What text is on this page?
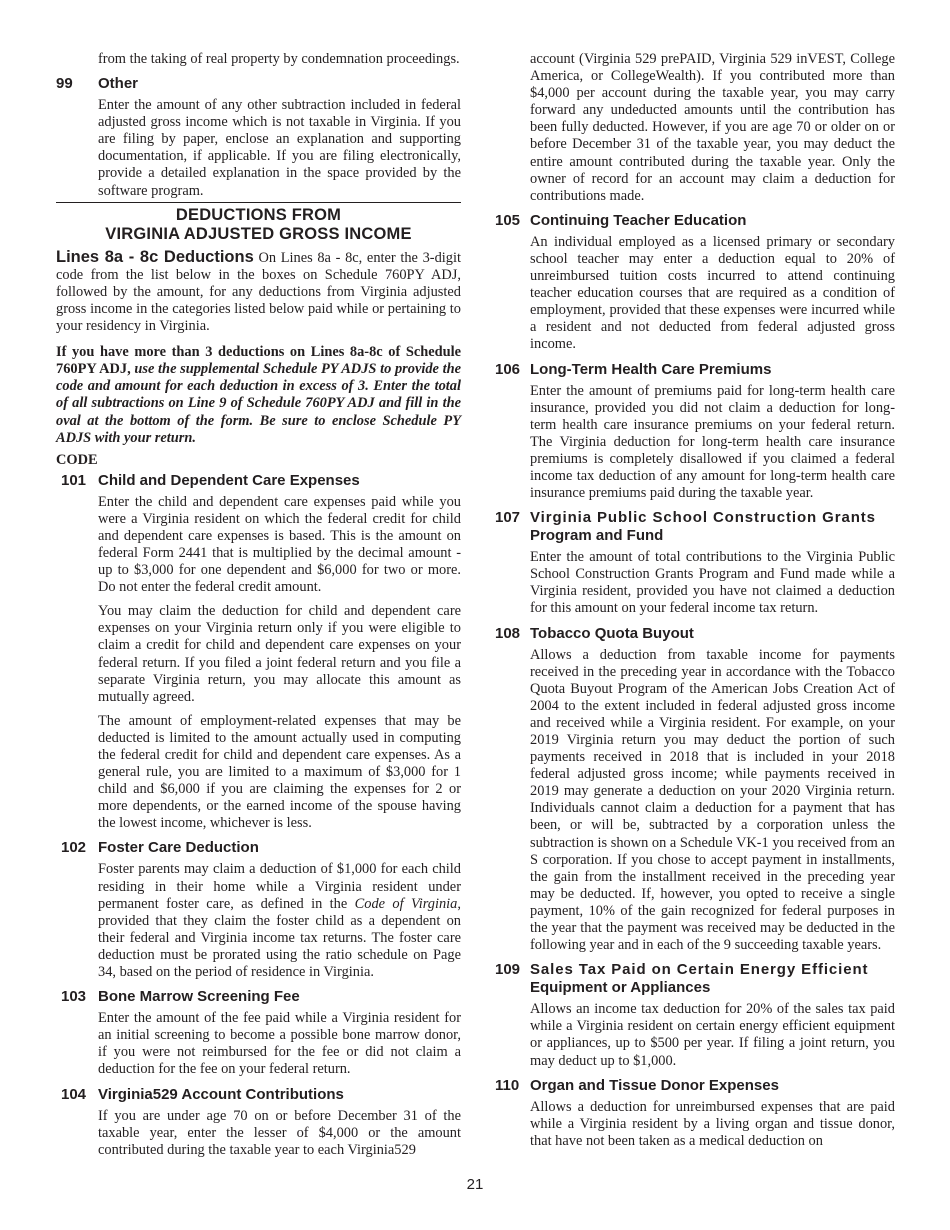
from the taking of real property by condemnation proceedings.

99	Other

Enter the amount of any other subtraction included in federal adjusted gross income which is not taxable in Virginia. If you are filing by paper, enclose an explanation and supporting documentation, if applicable. If you are filing electronically, provide a detailed explanation in the space provided by the software program.

DEDUCTIONS FROM
VIRGINIA ADJUSTED GROSS INCOME

Lines 8a - 8c Deductions On Lines 8a - 8c, enter the 3-digit code from the list below in the boxes on Schedule 760PY ADJ, followed by the amount, for any deductions from Virginia adjusted gross income in the categories listed below paid while or pertaining to your residency in Virginia.

If you have more than 3 deductions on Lines 8a-8c of Schedule 760PY ADJ, use the supplemental Schedule PY ADJS to provide the code and amount for each deduction in excess of 3. Enter the total of all subtractions on Line 9 of Schedule 760PY ADJ and fill in the oval at the bottom of the form. Be sure to enclose Schedule PY ADJS with your return.

CODE
101 Child and Dependent Care Expenses

Enter the child and dependent care expenses paid while you were a Virginia resident on which the federal credit for child and dependent care expenses is based. This is the amount on federal Form 2441 that is multiplied by the decimal amount - up to $3,000 for one dependent and $6,000 for two or more. Do not enter the federal credit amount.

You may claim the deduction for child and dependent care expenses on your Virginia return only if you were eligible to claim a credit for child and dependent care expenses on your federal return. If you filed a joint federal return and you file a separate Virginia return, you may allocate this amount as mutually agreed.

The amount of employment-related expenses that may be deducted is limited to the amount actually used in computing the federal credit for child and dependent care expenses. As a general rule, you are limited to a maximum of $3,000 for 1 child and $6,000 if you are claiming the expenses for 2 or more dependents, or the earned income of the spouse having the lowest income, whichever is less.

102 Foster Care Deduction

Foster parents may claim a deduction of $1,000 for each child residing in their home while a Virginia resident under permanent foster care, as defined in the Code of Virginia, provided that they claim the foster child as a dependent on their federal and Virginia income tax returns. The foster care deduction must be prorated using the ratio schedule on Page 34, based on the period of residence in Virginia.

103 Bone Marrow Screening Fee

Enter the amount of the fee paid while a Virginia resident for an initial screening to become a possible bone marrow donor, if you were not reimbursed for the fee or did not claim a deduction for the fee on your federal return.

104 Virginia529 Account Contributions

If you are under age 70 on or before December 31 of the taxable year, enter the lesser of $4,000 or the amount contributed during the taxable year to each Virginia529

account (Virginia 529 prePAID, Virginia 529 inVEST, College America, or CollegeWealth). If you contributed more than $4,000 per account during the taxable year, you may carry forward any undeducted amounts until the contribution has been fully deducted. However, if you are age 70 or older on or before December 31 of the taxable year, you may deduct the entire amount contributed during the taxable year. Only the owner of record for an account may claim a deduction for contributions made.

105 Continuing Teacher Education

An individual employed as a licensed primary or secondary school teacher may enter a deduction equal to 20% of unreimbursed tuition costs incurred to attend continuing teacher education courses that are required as a condition of employment, provided that these expenses were incurred while a resident and not deducted from federal adjusted gross income.

106 Long-Term Health Care Premiums

Enter the amount of premiums paid for long-term health care insurance, provided you did not claim a deduction for long-term health care insurance premiums on your federal return. The Virginia deduction for long-term health care insurance premiums is completely disallowed if you claimed a federal income tax deduction of any amount for long-term health care insurance premiums paid during the taxable year.

107 Virginia Public School Construction Grants
Program and Fund

Enter the amount of total contributions to the Virginia Public School Construction Grants Program and Fund made while a Virginia resident, provided you have not claimed a deduction for this amount on your federal income tax return.

108 Tobacco Quota Buyout

Allows a deduction from taxable income for payments received in the preceding year in accordance with the Tobacco Quota Buyout Program of the American Jobs Creation Act of 2004 to the extent included in federal adjusted gross income and received while a Virginia resident. For example, on your 2019 Virginia return you may deduct the portion of such payments received in 2018 that is included in your 2018 federal adjusted gross income; while payments received in 2019 may generate a deduction on your 2020 Virginia return. Individuals cannot claim a deduction for a payment that has been, or will be, subtracted by a corporation unless the subtraction is shown on a Schedule VK-1 you received from an S corporation. If you chose to accept payment in installments, the gain from the installment received in the preceding year may be deducted. If, however, you opted to receive a single payment, 10% of the gain recognized for federal purposes in the year that the payment was received may be deducted in the following year and in each of the 9 succeeding taxable years.

109 Sales Tax Paid on Certain Energy Efficient
Equipment or Appliances

Allows an income tax deduction for 20% of the sales tax paid while a Virginia resident on certain energy efficient equipment or appliances, up to $500 per year. If filing a joint return, you may deduct up to $1,000.

110 Organ and Tissue Donor Expenses

Allows a deduction for unreimbursed expenses that are paid while a Virginia resident by a living organ and tissue donor, that have not been taken as a medical deduction on

21
